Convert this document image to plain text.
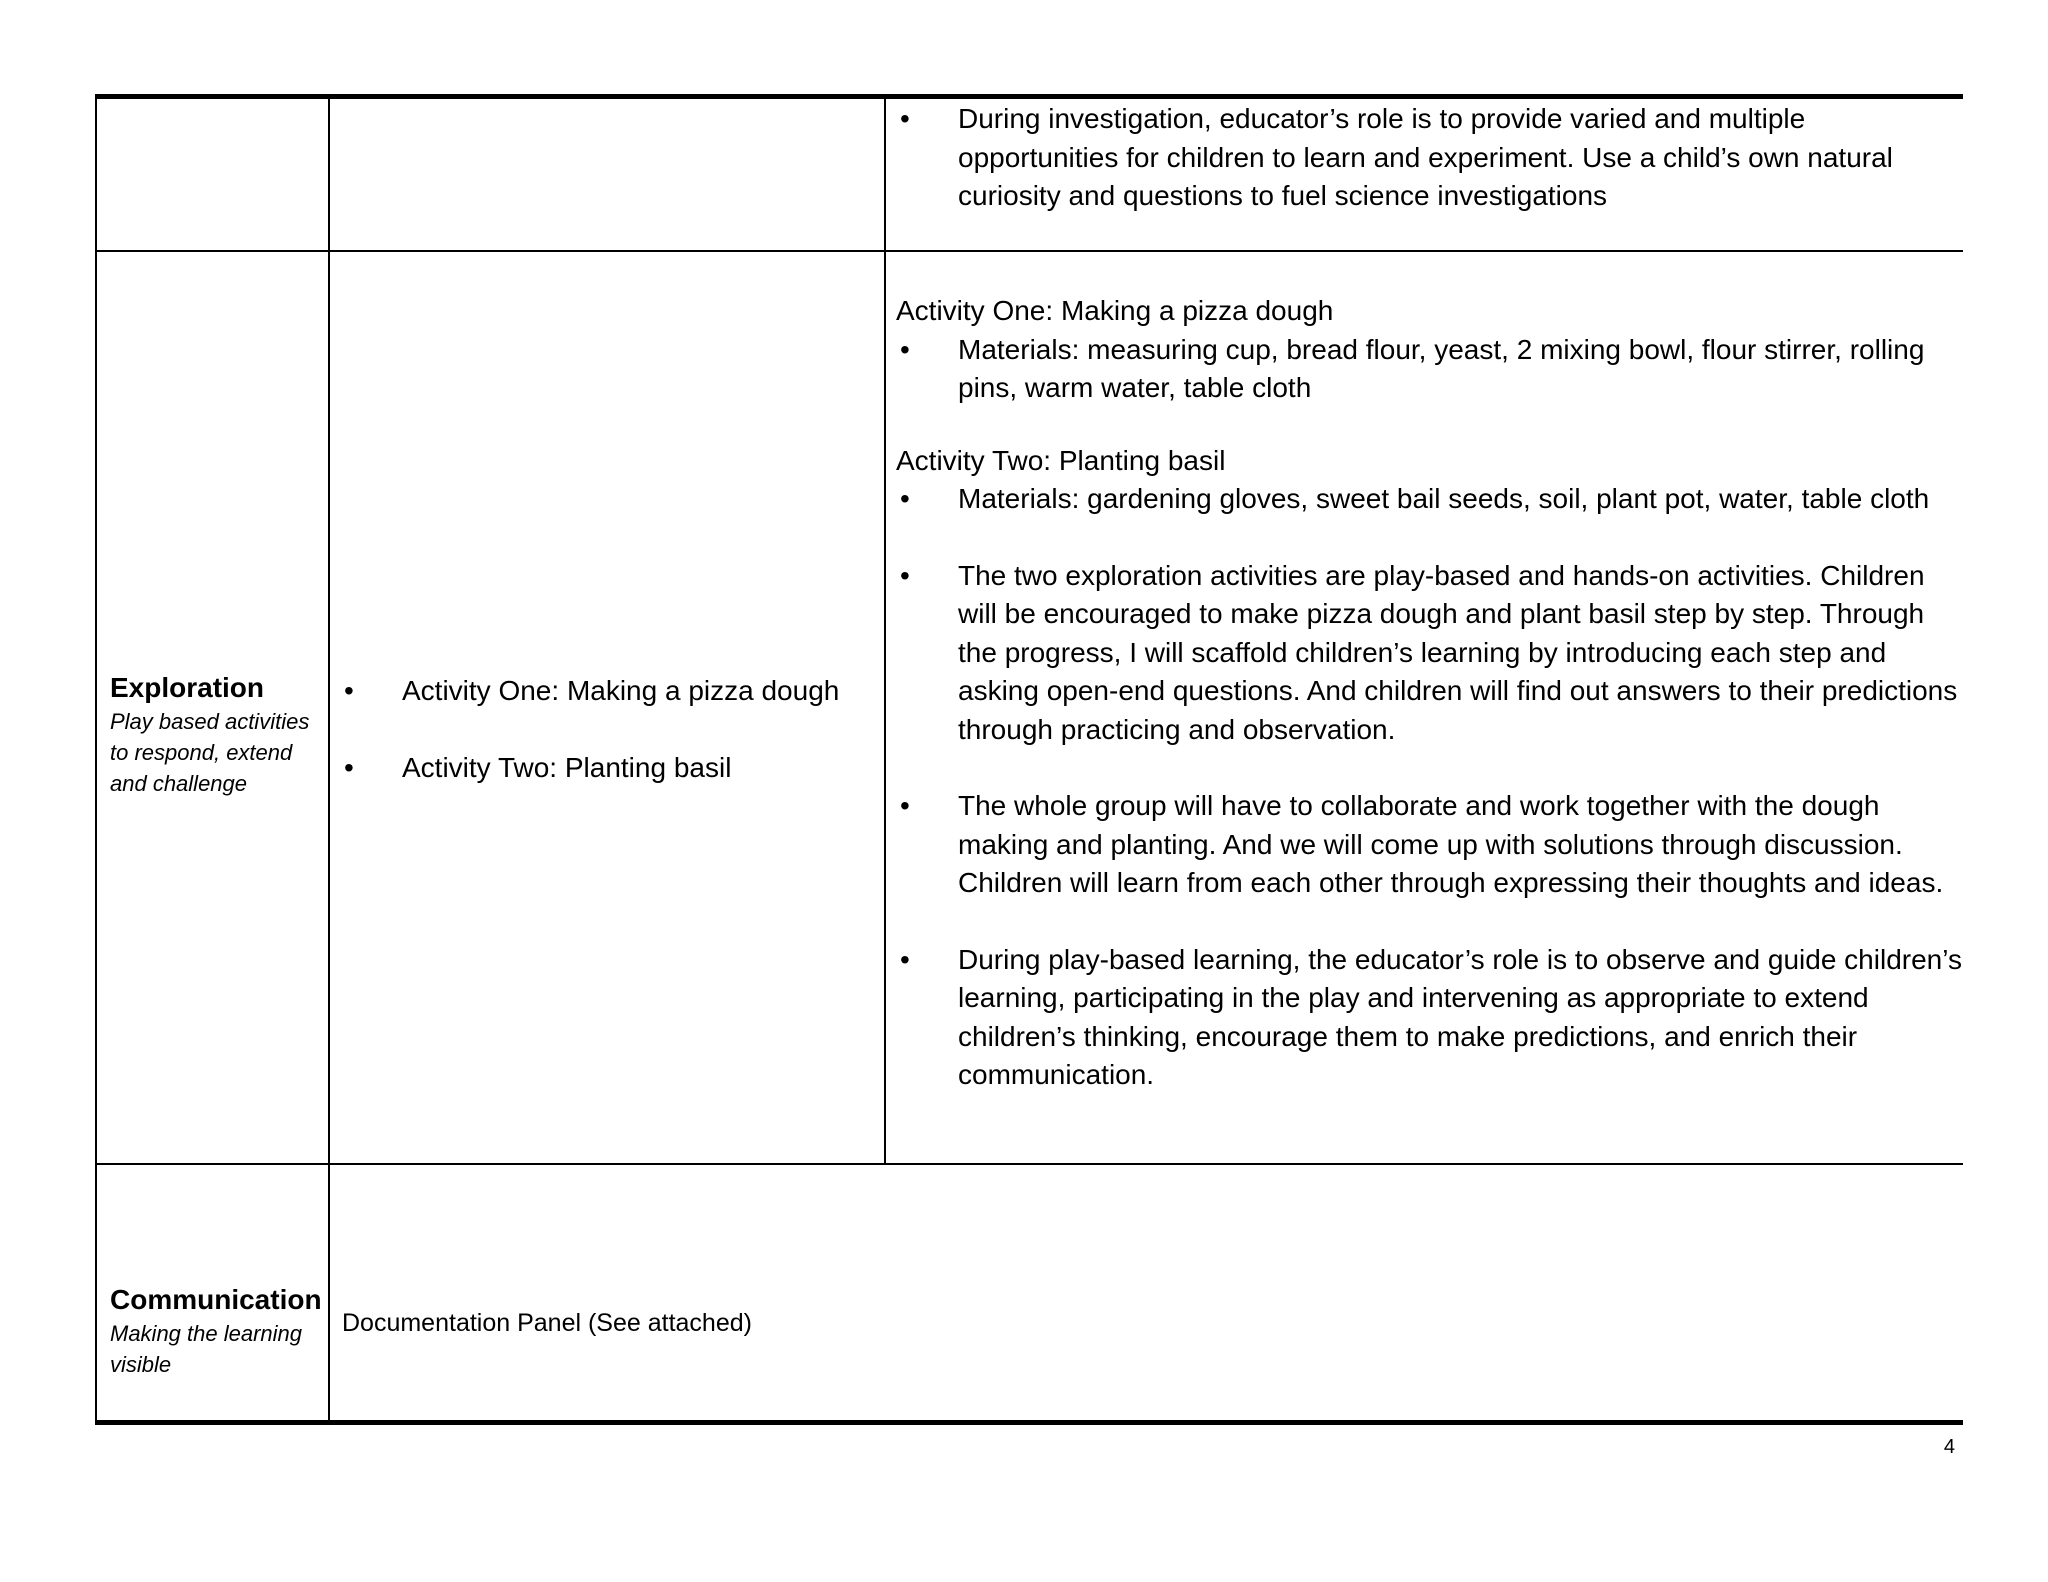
• During investigation, educator’s role is to provide varied and multiple opportunities for children to learn and experiment. Use a child’s own natural curiosity and questions to fuel science investigations
Exploration
Play based activities to respond, extend and challenge
• Activity One: Making a pizza dough
• Activity Two: Planting basil
Activity One: Making a pizza dough
• Materials: measuring cup, bread flour, yeast, 2 mixing bowl, flour stirrer, rolling pins, warm water, table cloth
Activity Two: Planting basil
• Materials: gardening gloves, sweet bail seeds, soil, plant pot, water, table cloth
• The two exploration activities are play-based and hands-on activities. Children will be encouraged to make pizza dough and plant basil step by step. Through the progress, I will scaffold children’s learning by introducing each step and asking open-end questions. And children will find out answers to their predictions through practicing and observation.
• The whole group will have to collaborate and work together with the dough making and planting. And we will come up with solutions through discussion. Children will learn from each other through expressing their thoughts and ideas.
• During play-based learning, the educator’s role is to observe and guide children’s learning, participating in the play and intervening as appropriate to extend children’s thinking, encourage them to make predictions, and enrich their communication.
Communication
Making the learning visible
Documentation Panel (See attached)
4
